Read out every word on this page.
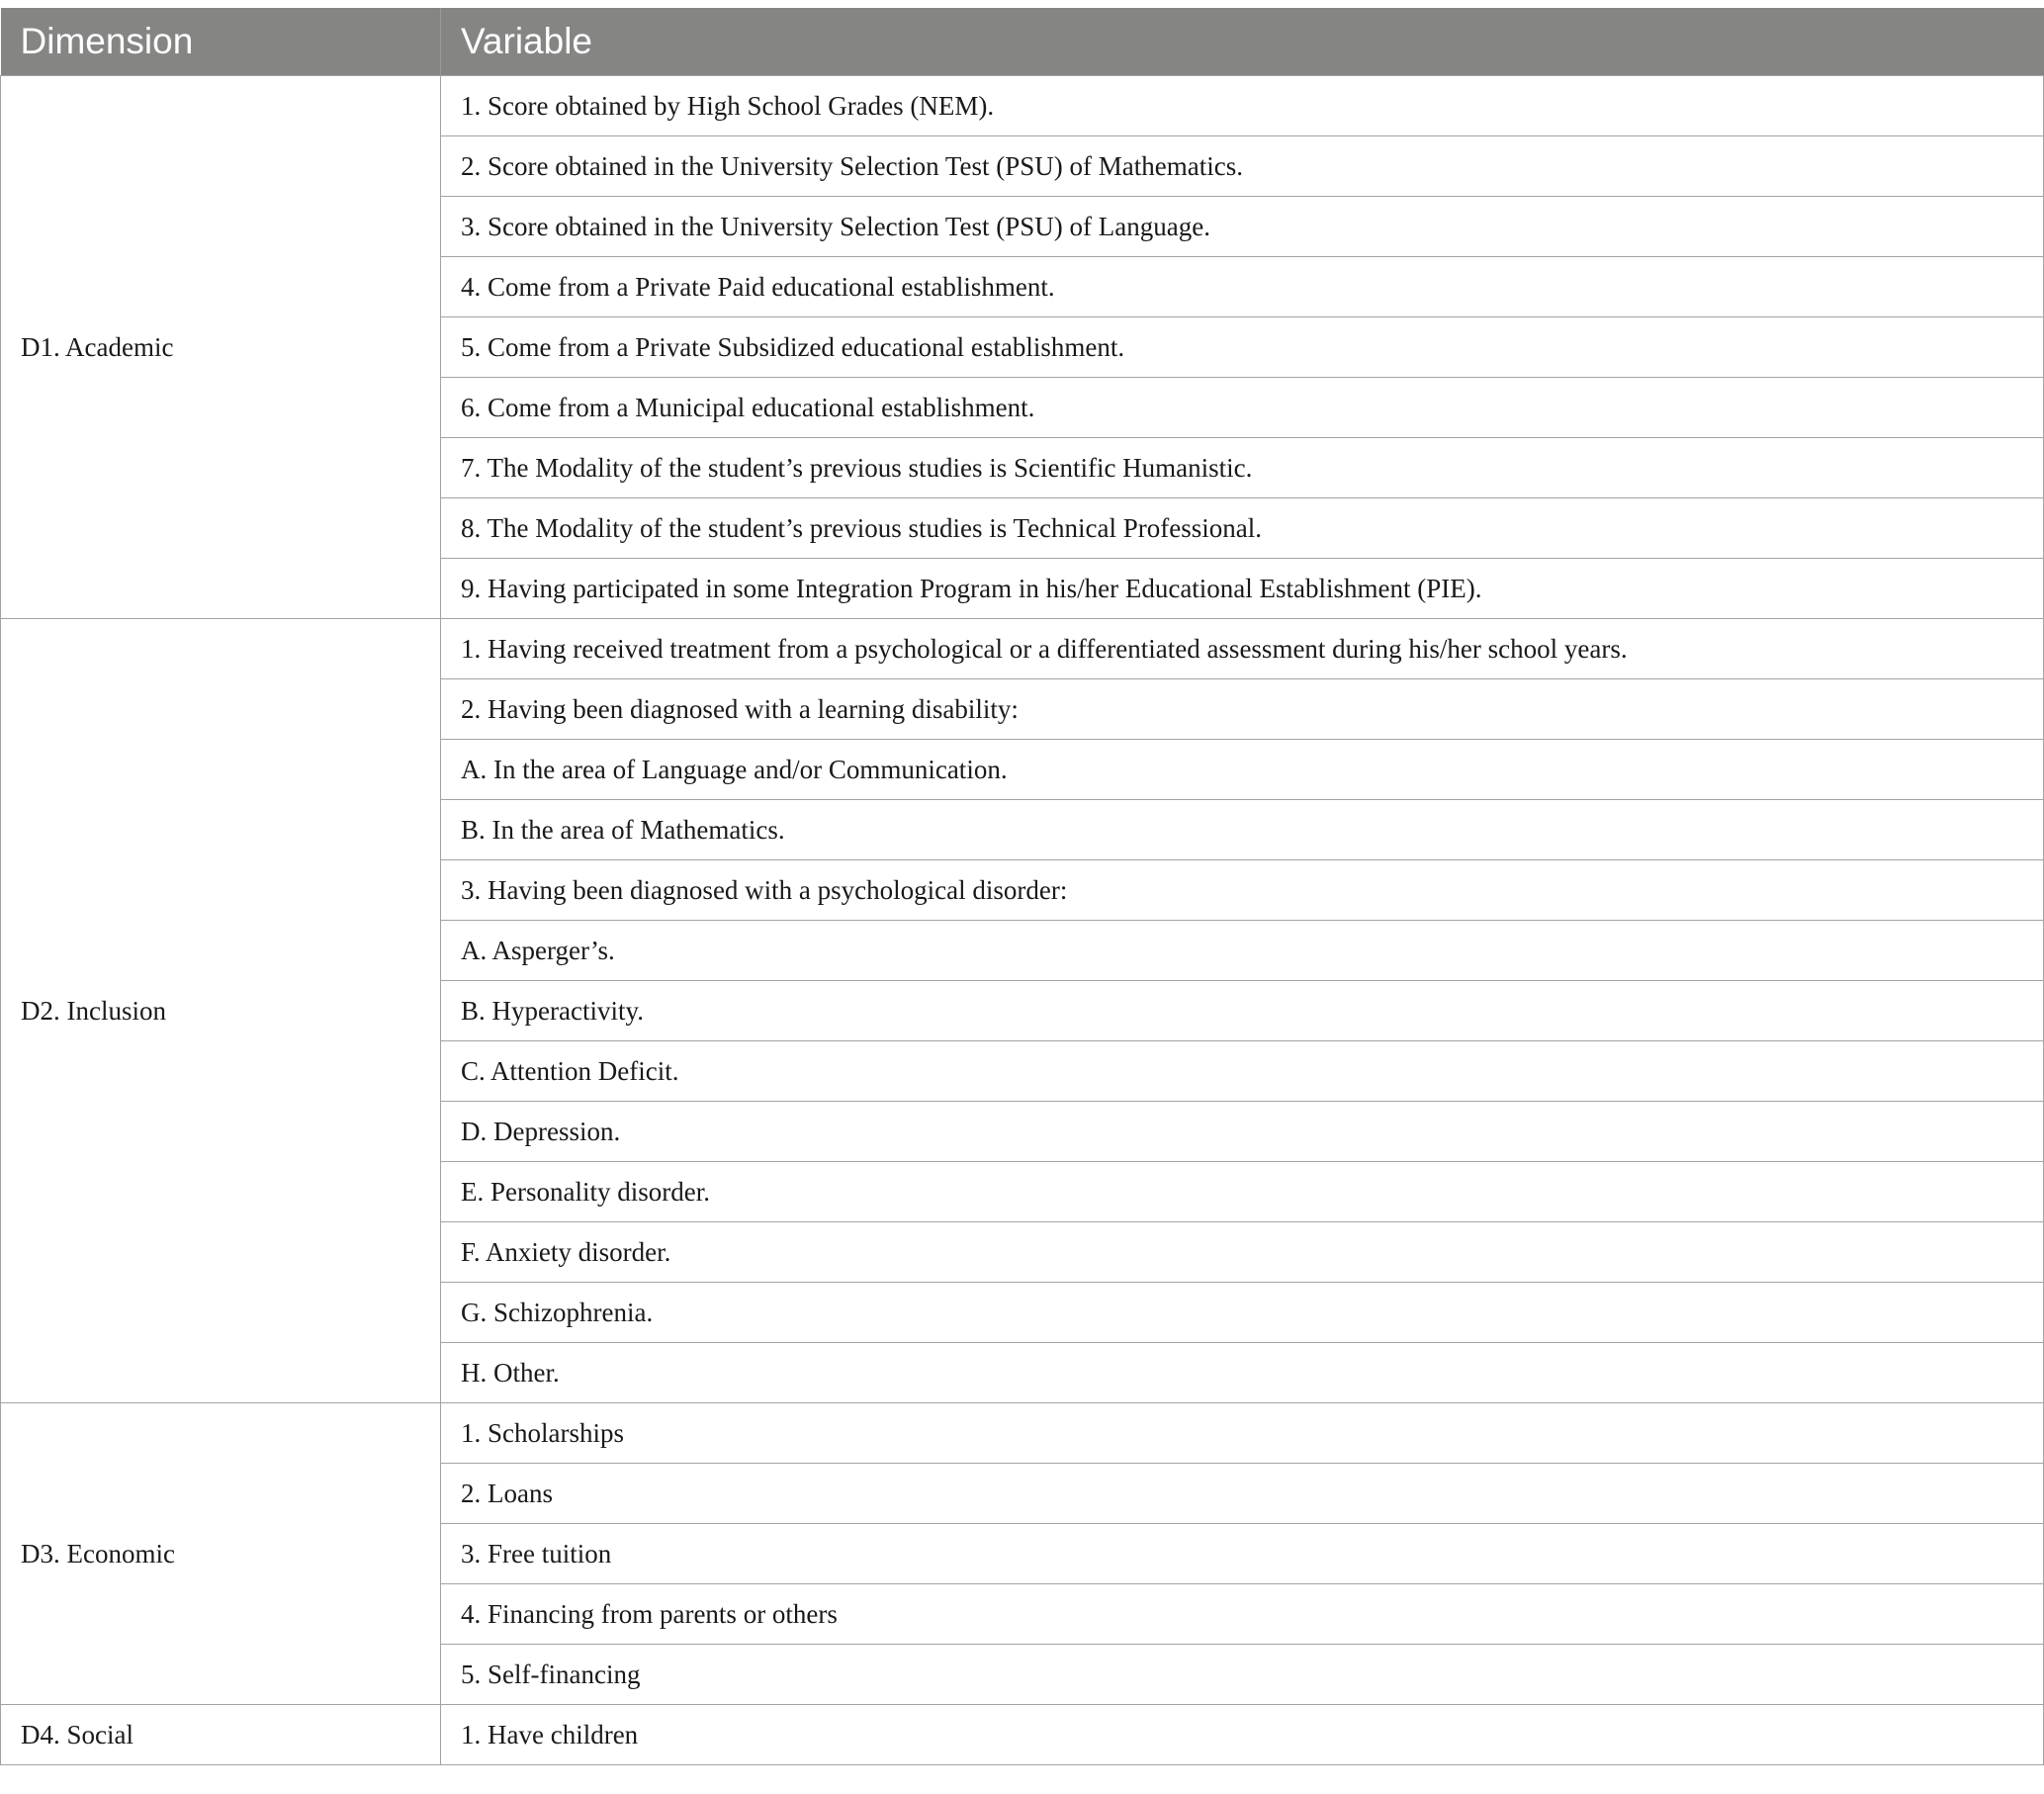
Dimension	Variable
D1. Academic	1. Score obtained by High School Grades (NEM).
	2. Score obtained in the University Selection Test (PSU) of Mathematics.
	3. Score obtained in the University Selection Test (PSU) of Language.
	4. Come from a Private Paid educational establishment.
	5. Come from a Private Subsidized educational establishment.
	6. Come from a Municipal educational establishment.
	7. The Modality of the student’s previous studies is Scientific Humanistic.
	8. The Modality of the student’s previous studies is Technical Professional.
	9. Having participated in some Integration Program in his/her Educational Establishment (PIE).
D2. Inclusion	1. Having received treatment from a psychological or a differentiated assessment during his/her school years.
	2. Having been diagnosed with a learning disability:
	A. In the area of Language and/or Communication.
	B. In the area of Mathematics.
	3. Having been diagnosed with a psychological disorder:
	A. Asperger’s.
	B. Hyperactivity.
	C. Attention Deficit.
	D. Depression.
	E. Personality disorder.
	F. Anxiety disorder.
	G. Schizophrenia.
	H. Other.
D3. Economic	1. Scholarships
	2. Loans
	3. Free tuition
	4. Financing from parents or others
	5. Self-financing
D4. Social	1. Have children
